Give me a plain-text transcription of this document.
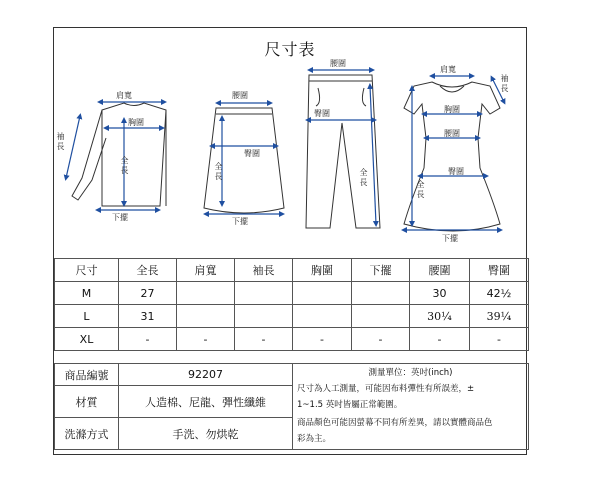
尺寸表
肩寬
胸圍
全長
下擺
袖長
腰圍
臀圍
全長
下擺
腰圍
臀圍
全長
肩寬
袖長
胸圍
腰圍
臀圍
全長
下擺
尺寸	全長	肩寬	袖長	胸圍	下擺	腰圍	臀圍
M	27					30	42½
L	31					30¼	39¼
XL	-	-	-	-	-	-	-
商品編號	92207	測量單位：英吋(inch)
尺寸為人工測量，可能因布料彈性有所誤差，±
1~1.5 英吋皆屬正常範圍。
商品顏色可能因螢幕不同有所差異，請以實體商品色
彩為主。

材質	人造棉、尼龍、彈性纖維	
洗滌方式	手洗、勿烘乾	
